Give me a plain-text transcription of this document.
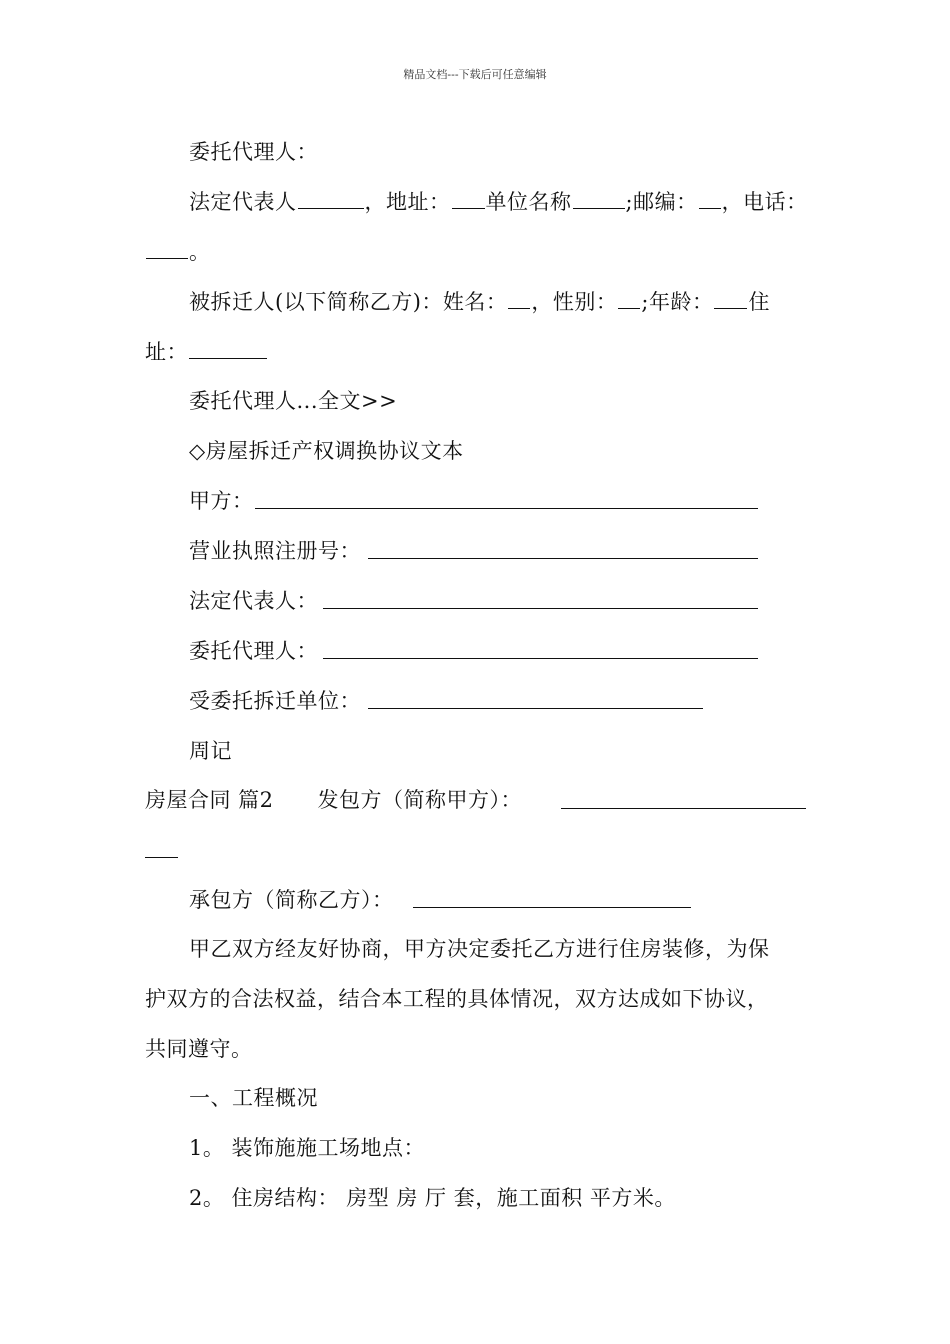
精品文档---下载后可任意编辑
委托代理人：
法定代表人	，地址： 单位名称	;邮编： ，电话：
。
被拆迁人(以下简称乙方)：姓名： ，性别： ;年龄： 住
址：
委托代理人...全文>>
◇房屋拆迁产权调换协议文本
甲方：
营业执照注册号：
法定代表人：
委托代理人：
受委托拆迁单位：
周记
房屋合同 篇2 发包方（简称甲方）：
承包方（简称乙方）：
甲乙双方经友好协商，甲方决定委托乙方进行住房装修，为保
护双方的合法权益，结合本工程的具体情况，双方达成如下协议，
共同遵守。
一、工程概况
1。 装饰施施工场地点：
2。 住房结构： 房型 房 厅 套，施工面积 平方米。
